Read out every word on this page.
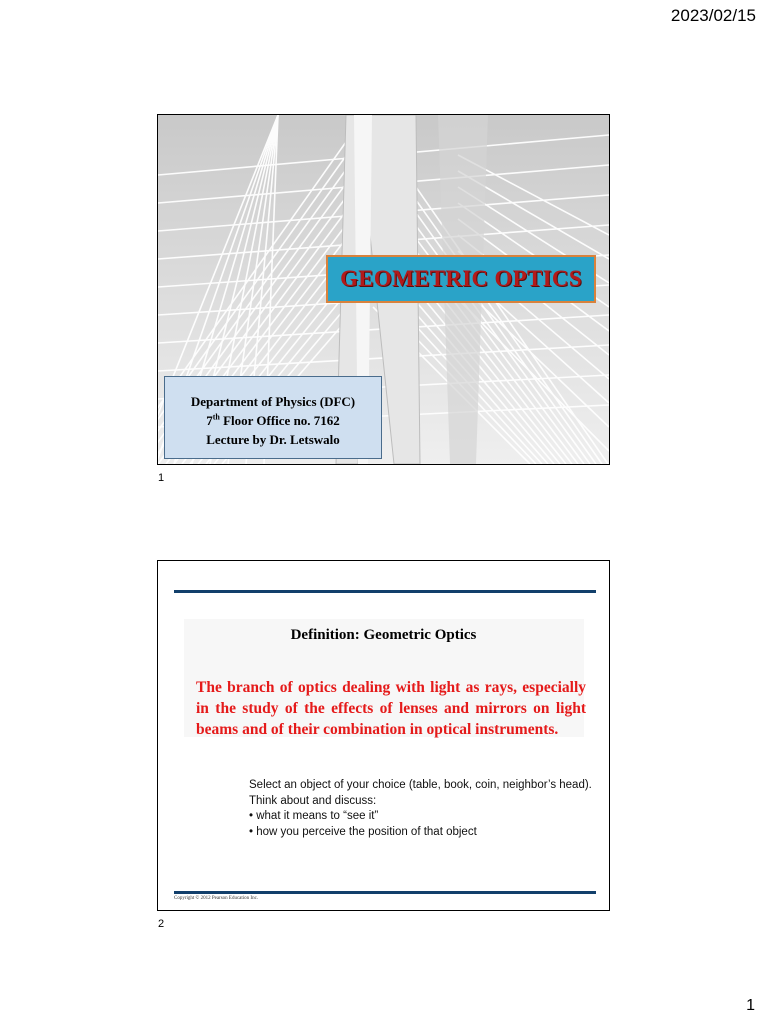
2023/02/15
GEOMETRIC OPTICS
Department of Physics (DFC)
7th Floor Office no. 7162
Lecture by Dr. Letswalo
1
Definition: Geometric Optics
The branch of optics dealing with light as rays, especially in the study of the effects of lenses and mirrors on light beams and of their combination in optical instruments.
Select an object of your choice (table, book, coin, neighbor’s head). Think about and discuss:
• what it means to “see it”
• how you perceive the position of that object
Copyright © 2012 Pearson Education Inc.
2
1
